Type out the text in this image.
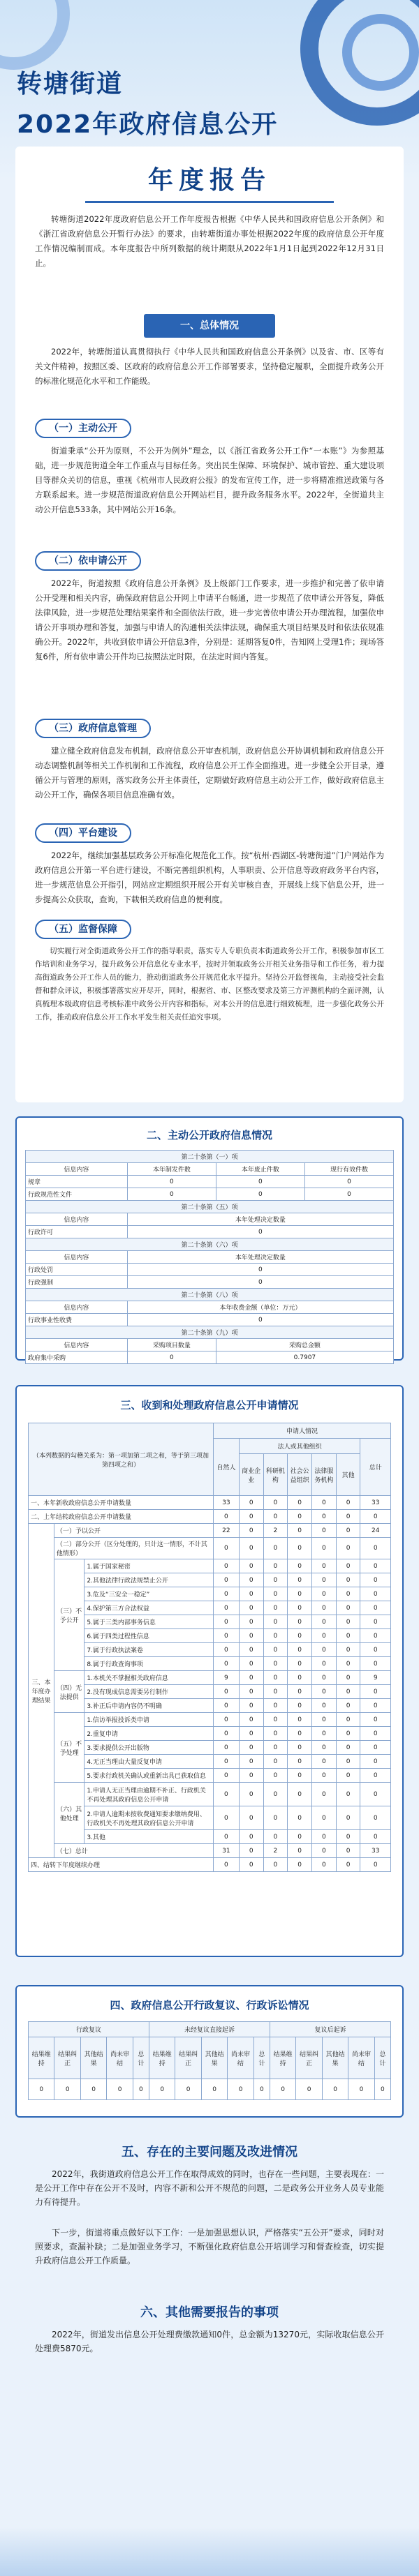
转塘街道
2022年政府信息公开
年度报告
转塘街道2022年度政府信息公开工作年度报告根据《中华人民共和国政府信息公开条例》和《浙江省政府信息公开暂行办法》的要求，由转塘街道办事处根据2022年度的政府信息公开年度工作情况编制而成。本年度报告中所列数据的统计期限从2022年1月1日起到2022年12月31日止。
一、总体情况
2022年，转塘街道认真贯彻执行《中华人民共和国政府信息公开条例》以及省、市、区等有关文件精神，按照区委、区政府的政府信息公开工作部署要求，坚持稳定履职，全面提升政务公开的标准化规范化水平和工作能级。
（一）主动公开
街道秉承“公开为原则，不公开为例外”理念，以《浙江省政务公开工作“一本账”》为参照基础，进一步规范街道全年工作重点与目标任务。突出民生保障、环境保护、城市管控、重大建设项目等群众关切的信息，重视《杭州市人民政府公报》的发布宣传工作，进一步将精准推送政策与各方联系起来。进一步规范街道政府信息公开网站栏目，提升政务服务水平。2022年，全街道共主动公开信息533条，其中网站公开16条。
（二）依申请公开
2022年，街道按照《政府信息公开条例》及上级部门工作要求，进一步推护和完善了依申请公开受理和相关内容，确保政府信息公开网上申请平台畅通，进一步规范了依申请公开答复，降低法律风险，进一步规范处理结果案件和全面依法行政，进一步完善依申请公开办理流程，加强依申请公开事项办理和答复，加强与申请人的沟通相关法律法规，确保重大项目结果及时和依法依规准确公开。2022年，共收到依申请公开信息3件，分别是：延期答复0件，告知网上受理1件；现场答复6件，所有依申请公开件均已按照法定时限，在法定时间内答复。
（三）政府信息管理
建立健全政府信息发布机制，政府信息公开审查机制，政府信息公开协调机制和政府信息公开动态调整机制等相关工作机制和工作流程，政府信息公开工作全面推进。进一步健全公开目录，遵循公开与管理的原则，落实政务公开主体责任，定期做好政府信息主动公开工作，做好政府信息主动公开工作，确保各项目信息准确有效。
（四）平台建设
2022年，继续加强基层政务公开标准化规范化工作。按“杭州·西湖区-转塘街道”门户网站作为政府信息公开第一平台进行建设，不断完善组织机构，人事职责、公开信息等政府政务平台内容，进一步规范信息公开指引，网站应定期组织开展公开有关审核自查，开展线上线下信息公开，进一步提高公众获取，查询，下载相关政府信息的便利度。
（五）监督保障
切实履行对全街道政务公开工作的指导职责，落实专人专职负责本街道政务公开工作，积极参加市区工作培训和业务学习，提升政务公开信息化专业水平，按时并领取政务公开相关业务指导和工作任务，着力提高街道政务公开工作人员的能力，推动街道政务公开规范化水平提升。坚持公开监督视角，主动接受社会监督和群众评议，积极部署落实应开尽开，同时，根据省、市、区整改要求及第三方评测机构的全面评测，认真梳理本级政府信息考核标准中政务公开内容和指标，对本公开的信息进行细致梳理，进一步强化政务公开工作，推动政府信息公开工作水平发生相关责任追究事项。
二、主动公开政府信息情况
第二十条第（一）项			
信息内容	本年制发件数	本年废止件数	现行有效件数
规章	0	0	0
行政规范性文件	0	0	0
第二十条第（五）项			
信息内容	本年处理决定数量		
行政许可	0		
第二十条第（六）项			
信息内容	本年处理决定数量		
行政处罚	0		
行政强制	0		
第二十条第（八）项			
信息内容	本年收费金额（单位：万元）		
行政事业性收费	0		
第二十条第（九）项			
信息内容	采购项目数量	采购总金额	
政府集中采购	0	0.7907	
三、收到和处理政府信息公开申请情况
（本列数据的勾稽关系为：第一项加第二项之和，等于第三项加第四项之和）			申请人情况						
			自然人	法人或其他组织					总计
				商业企业	科研机构	社会公益组织	法律服务机构	其他	
一、本年新收政府信息公开申请数量			33	0	0	0	0	0	33
二、上年结转政府信息公开申请数量			0	0	0	0	0	0	0
三、本年度办理结果	（一）予以公开		22	0	2	0	0	0	24
	（二）部分公开（区分处理的，只计这一情形，不计其他情形）		0	0	0	0	0	0	0
	（三）不予公开	1.属于国家秘密	0	0	0	0	0	0	0
		2.其他法律行政法规禁止公开	0	0	0	0	0	0	0
		3.危及“三安全一稳定”	0	0	0	0	0	0	0
		4.保护第三方合法权益	0	0	0	0	0	0	0
		5.属于三类内部事务信息	0	0	0	0	0	0	0
		6.属于四类过程性信息	0	0	0	0	0	0	0
		7.属于行政执法案卷	0	0	0	0	0	0	0
		8.属于行政查询事项	0	0	0	0	0	0	0
	（四）无法提供	1.本机关不掌握相关政府信息	9	0	0	0	0	0	9
		2.没有现成信息需要另行制作	0	0	0	0	0	0	0
		3.补正后申请内容仍不明确	0	0	0	0	0	0	0
	（五）不予处理	1.信访举报投诉类申请	0	0	0	0	0	0	0
		2.重复申请	0	0	0	0	0	0	0
		3.要求提供公开出版物	0	0	0	0	0	0	0
		4.无正当理由大量反复申请	0	0	0	0	0	0	0
		5.要求行政机关确认或重新出具已获取信息	0	0	0	0	0	0	0
	（六）其他处理	1.申请人无正当理由逾期不补正、行政机关不再处理其政府信息公开申请	0	0	0	0	0	0	0
		2.申请人逾期未按收费通知要求缴纳费用、行政机关不再处理其政府信息公开申请	0	0	0	0	0	0	0
		3.其他	0	0	0	0	0	0	0
	（七）总计		31	0	2	0	0	0	33
四、结转下年度继续办理			0	0	0	0	0	0	0
四、政府信息公开行政复议、行政诉讼情况
行政复议					未经复议直接起诉					复议后起诉				
结果维持	结果纠正	其他结果	尚未审结	总计	结果维持	结果纠正	其他结果	尚未审结	总计	结果维持	结果纠正	其他结果	尚未审结	总计
0	0	0	0	0	0	0	0	0	0	0	0	0	0	0
五、存在的主要问题及改进情况
2022年，我街道政府信息公开工作在取得成效的同时，也存在一些问题，主要表现在：一是公开工作中存在公开不及时，内容不新和公开不规范的问题，二是政务公开业务人员专业能力有待提升。
下一步，街道将重点做好以下工作：一是加强思想认识，严格落实“五公开”要求，同时对照要求，查漏补缺；二是加强业务学习，不断强化政府信息公开培训学习和督查检查，切实提升政府信息公开工作质量。
六、其他需要报告的事项
2022年，街道发出信息公开处理费缴款通知0件，总金额为13270元，实际收取信息公开处理费5870元。
